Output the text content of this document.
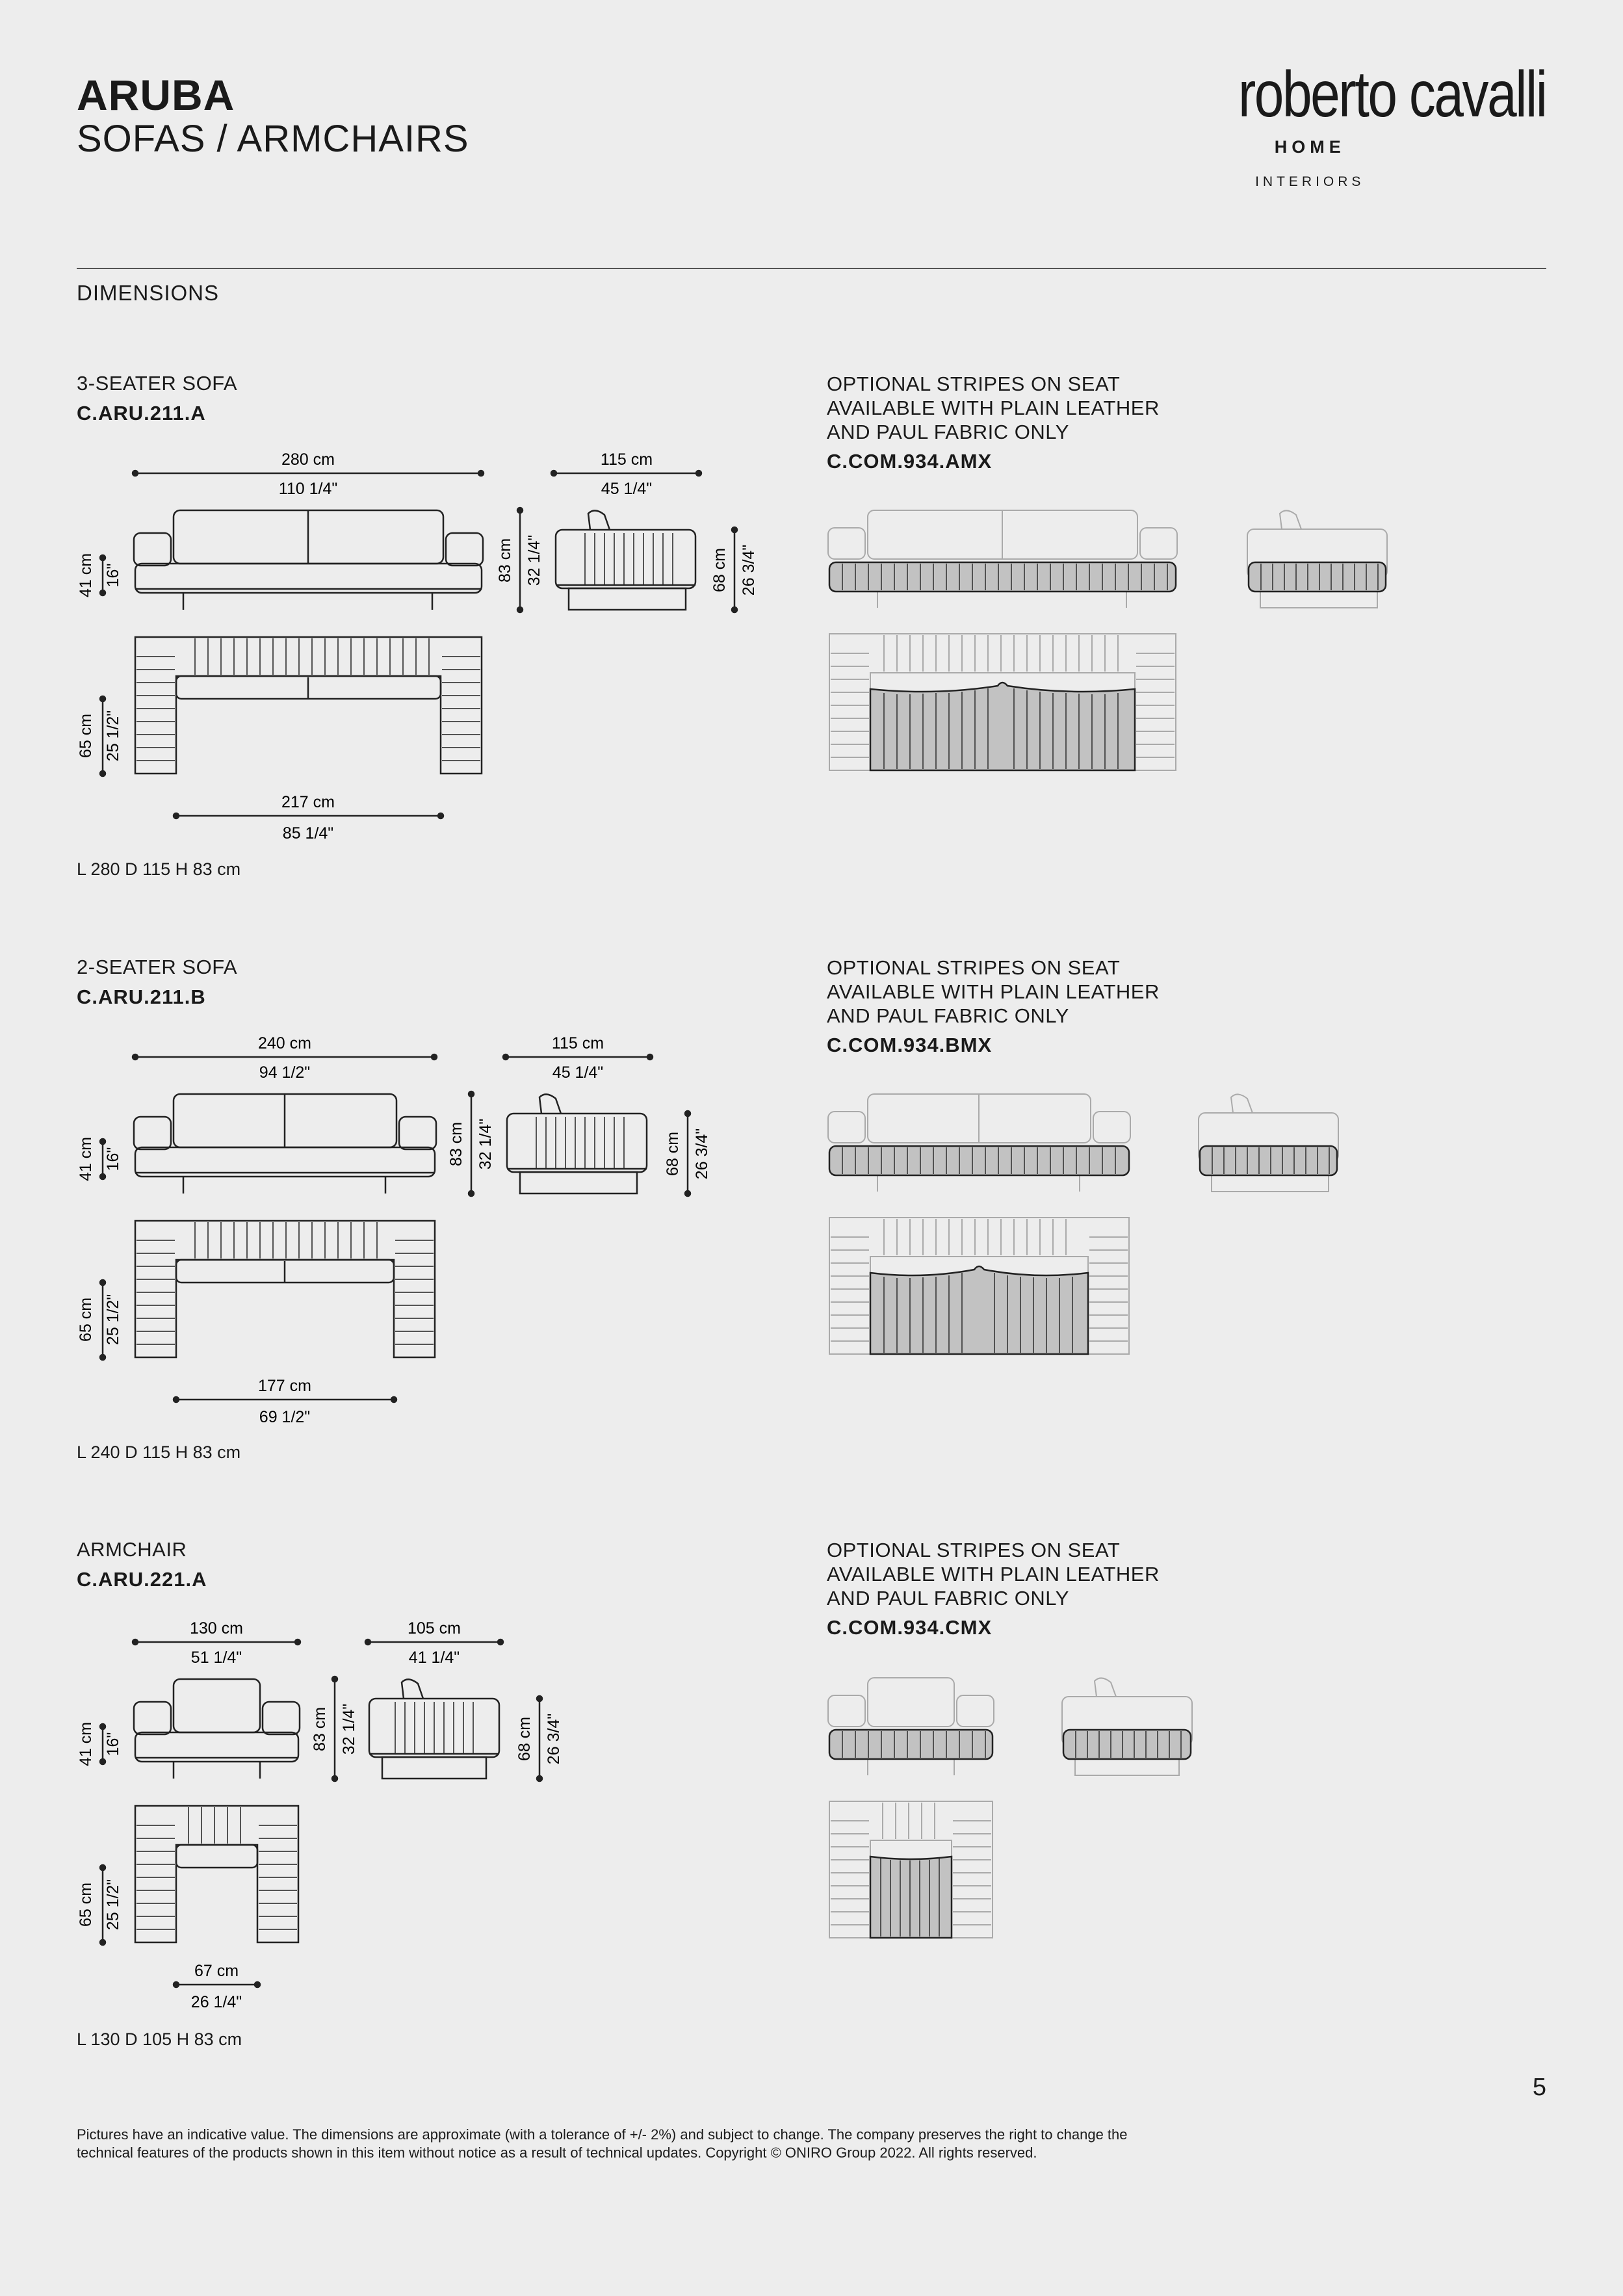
ARUBA
SOFAS / ARMCHAIRS
roberto cavalli
HOME
INTERIORS
DIMENSIONS
3-SEATER SOFA
C.ARU.211.A
L 280 D 115 H 83 cm
OPTIONAL STRIPES ON SEAT
AVAILABLE WITH PLAIN LEATHER
AND PAUL FABRIC ONLY
C.COM.934.AMX
280 cm
110 1/4"
115 cm
45 1/4"
41 cm 16"	83 cm 32 1/4"	68 cm 26 3/4"
65 cm 25 1/2"
217 cm
85 1/4"
2-SEATER SOFA
C.ARU.211.B
L 240 D 115 H 83 cm
OPTIONAL STRIPES ON SEAT
AVAILABLE WITH PLAIN LEATHER
AND PAUL FABRIC ONLY
C.COM.934.BMX
240 cm
94 1/2"
115 cm
45 1/4"
41 cm 16"	83 cm 32 1/4"	68 cm 26 3/4"
65 cm 25 1/2"
177 cm
69 1/2"
ARMCHAIR
C.ARU.221.A
L 130 D 105 H 83 cm
OPTIONAL STRIPES ON SEAT
AVAILABLE WITH PLAIN LEATHER
AND PAUL FABRIC ONLY
C.COM.934.CMX
130 cm
51 1/4"
105 cm
41 1/4"
41 cm 16"	83 cm 32 1/4"	68 cm 26 3/4"
65 cm 25 1/2"
67 cm
26 1/4"
5
Pictures have an indicative value. The dimensions are approximate (with a tolerance of +/- 2%) and subject to change. The company preserves the right to change the
technical features of the products shown in this item without notice as a result of technical updates. Copyright © ONIRO Group 2022. All rights reserved.
